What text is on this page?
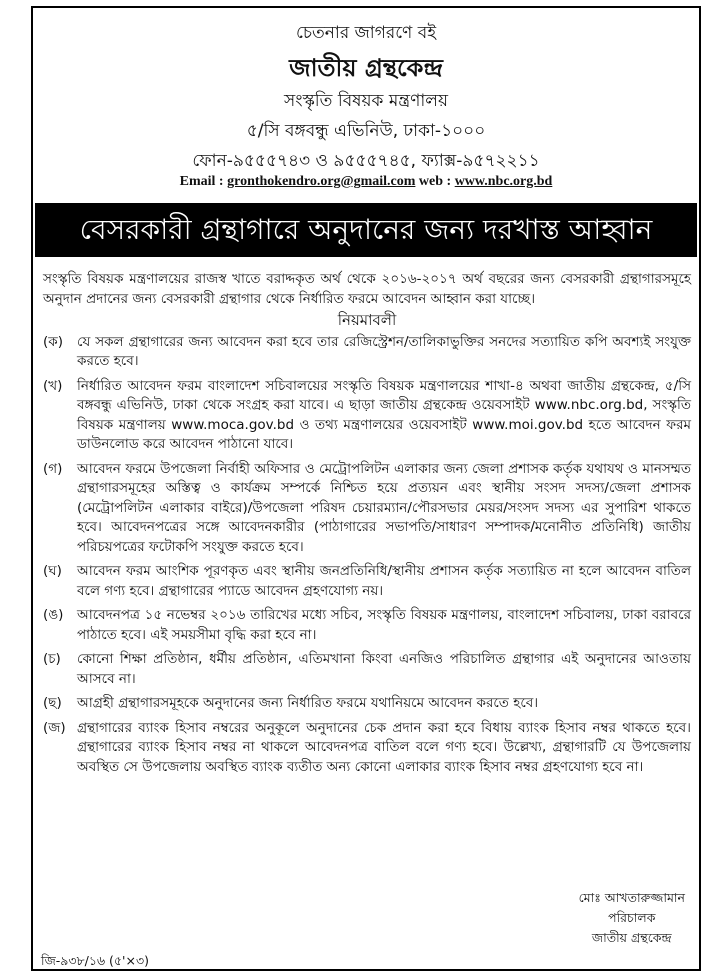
চেতনার জাগরণে বই
জাতীয় গ্রন্থকেন্দ্র
সংস্কৃতি বিষয়ক মন্ত্রণালয়
৫/সি বঙ্গবন্ধু এভিনিউ, ঢাকা-১০০০
ফোন-৯৫৫৫৭৪৩ ও ৯৫৫৫৭৪৫, ফ্যাক্স-৯৫৭২২১১
Email : gronthokendro.org@gmail.com web : www.nbc.org.bd
বেসরকারী গ্রন্থাগারে অনুদানের জন্য দরখাস্ত আহ্বান

সংস্কৃতি বিষয়ক মন্ত্রণালয়ের রাজস্ব খাতে বরাদ্দকৃত অর্থ থেকে ২০১৬-২০১৭ অর্থ বছরের জন্য বেসরকারী গ্রন্থাগারসমূহে অনুদান প্রদানের জন্য বেসরকারী গ্রন্থাগার থেকে নির্ধারিত ফরমে আবেদন আহ্বান করা যাচ্ছে।

নিয়মাবলী
(ক)	যে সকল গ্রন্থাগারের জন্য আবেদন করা হবে তার রেজিস্ট্রেশন/তালিকাভুক্তির সনদের সত্যায়িত কপি অবশ্যই সংযুক্ত করতে হবে।
(খ)	নির্ধারিত আবেদন ফরম বাংলাদেশ সচিবালয়ের সংস্কৃতি বিষয়ক মন্ত্রণালয়ের শাখা-৪ অথবা জাতীয় গ্রন্থকেন্দ্র, ৫/সি বঙ্গবন্ধু এভিনিউ, ঢাকা থেকে সংগ্রহ করা যাবে। এ ছাড়া জাতীয় গ্রন্থকেন্দ্র ওয়েবসাইট www.nbc.org.bd, সংস্কৃতি বিষয়ক মন্ত্রণালয় www.moca.gov.bd ও তথ্য মন্ত্রণালয়ের ওয়েবসাইট www.moi.gov.bd হতে আবেদন ফরম ডাউনলোড করে আবেদন পাঠানো যাবে।
(গ)	আবেদন ফরমে উপজেলা নির্বাহী অফিসার ও মেট্রোপলিটন এলাকার জন্য জেলা প্রশাসক কর্তৃক যথাযথ ও মানসম্মত গ্রন্থাগারসমূহের অস্তিত্ব ও কার্যক্রম সম্পর্কে নিশ্চিত হয়ে প্রত্যয়ন এবং স্থানীয় সংসদ সদস্য/জেলা প্রশাসক (মেট্রোপলিটন এলাকার বাইরে)/উপজেলা পরিষদ চেয়ারম্যান/পৌরসভার মেয়র/সংসদ সদস্য এর সুপারিশ থাকতে হবে। আবেদনপত্রের সঙ্গে আবেদনকারীর (পাঠাগারের সভাপতি/সাধারণ সম্পাদক/মনোনীত প্রতিনিধি) জাতীয় পরিচয়পত্রের ফটোকপি সংযুক্ত করতে হবে।
(ঘ)	আবেদন ফরম আংশিক পূরণকৃত এবং স্থানীয় জনপ্রতিনিধি/স্থানীয় প্রশাসন কর্তৃক সত্যায়িত না হলে আবেদন বাতিল বলে গণ্য হবে। গ্রন্থাগারের প্যাডে আবেদন গ্রহণযোগ্য নয়।
(ঙ)	আবেদনপত্র ১৫ নভেম্বর ২০১৬ তারিখের মধ্যে সচিব, সংস্কৃতি বিষয়ক মন্ত্রণালয়, বাংলাদেশ সচিবালয়, ঢাকা বরাবরে পাঠাতে হবে। এই সময়সীমা বৃদ্ধি করা হবে না।
(চ)	কোনো শিক্ষা প্রতিষ্ঠান, ধর্মীয় প্রতিষ্ঠান, এতিমখানা কিংবা এনজিও পরিচালিত গ্রন্থাগার এই অনুদানের আওতায় আসবে না।
(ছ)	আগ্রহী গ্রন্থাগারসমূহকে অনুদানের জন্য নির্ধারিত ফরমে যথানিয়মে আবেদন করতে হবে।
(জ) গ্রন্থাগারের ব্যাংক হিসাব নম্বরের অনুকূলে অনুদানের চেক প্রদান করা হবে বিধায় ব্যাংক হিসাব নম্বর থাকতে হবে। গ্রন্থাগারের ব্যাংক হিসাব নম্বর না থাকলে আবেদনপত্র বাতিল বলে গণ্য হবে। উল্লেখ্য, গ্রন্থাগারটি যে উপজেলায় অবস্থিত সে উপজেলায় অবস্থিত ব্যাংক ব্যতীত অন্য কোনো এলাকার ব্যাংক হিসাব নম্বর গ্রহণযোগ্য হবে না।
মোঃ আখতারুজ্জামান
পরিচালক
জাতীয় গ্রন্থকেন্দ্র
জি-৯৩৮/১৬ (৫'×৩)
